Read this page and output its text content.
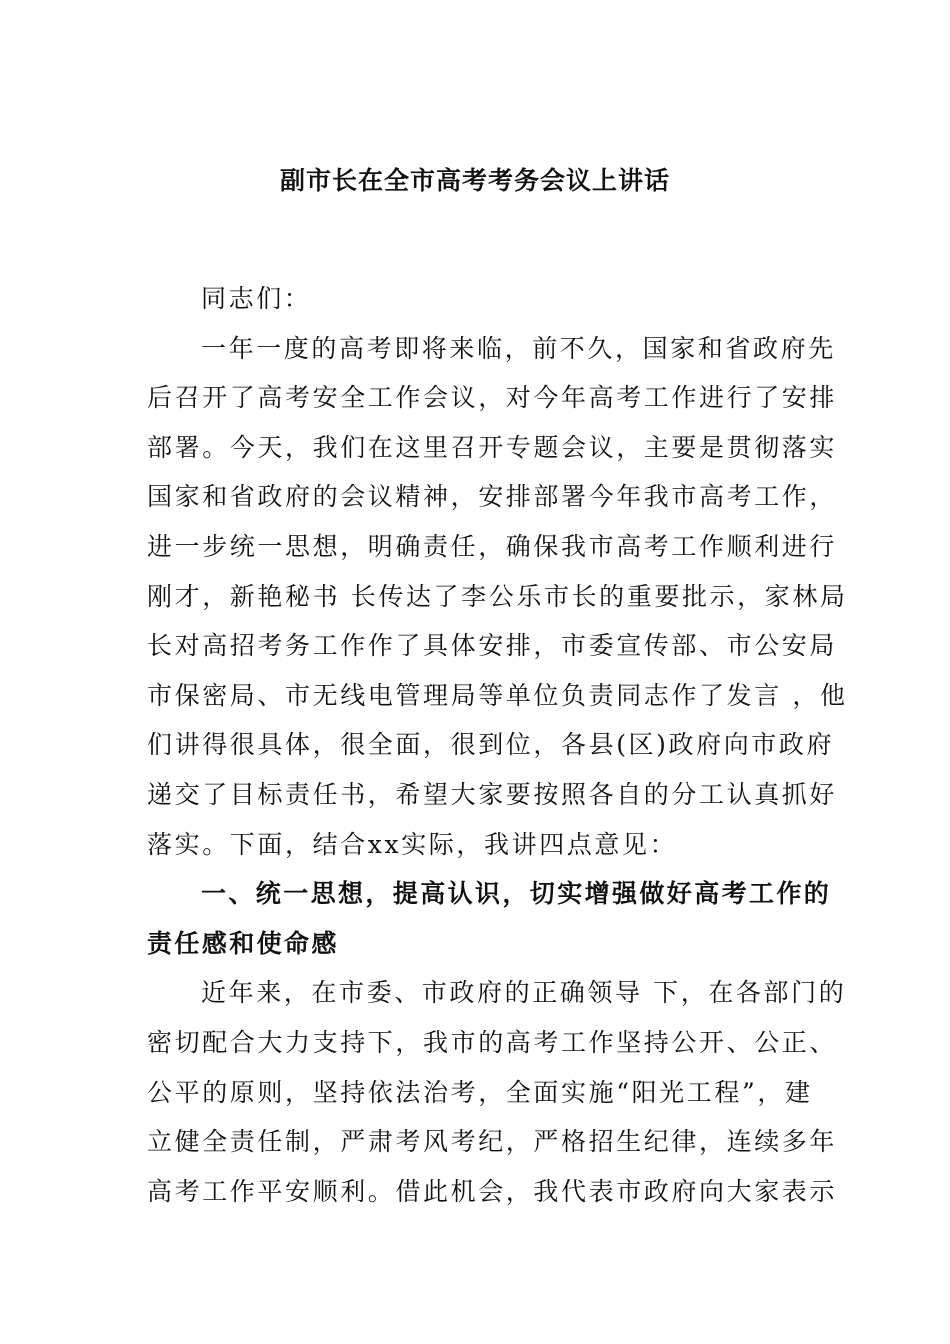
副市长在全市高考考务会议上讲话
同志们：
一年一度的高考即将来临，前不久，国家和省政府先
后召开了高考安全工作会议，对今年高考工作进行了安排
部署。今天，我们在这里召开专题会议，主要是贯彻落实
国家和省政府的会议精神，安排部署今年我市高考工作，
进一步统一思想，明确责任，确保我市高考工作顺利进行
刚才，新艳秘书 长传达了李公乐市长的重要批示，家林局
长对高招考务工作作了具体安排，市委宣传部、市公安局
市保密局、市无线电管理局等单位负责同志作了发言 ，他
们讲得很具体，很全面，很到位，各县(区)政府向市政府
递交了目标责任书，希望大家要按照各自的分工认真抓好
落实。下面，结合xx实际，我讲四点意见：
一、统一思想，提高认识，切实增强做好高考工作的
责任感和使命感
近年来，在市委、市政府的正确领导 下，在各部门的
密切配合大力支持下，我市的高考工作坚持公开、公正、
公平的原则，坚持依法治考，全面实施“阳光工程”，建
立健全责任制，严肃考风考纪，严格招生纪律，连续多年
高考工作平安顺利。借此机会，我代表市政府向大家表示
